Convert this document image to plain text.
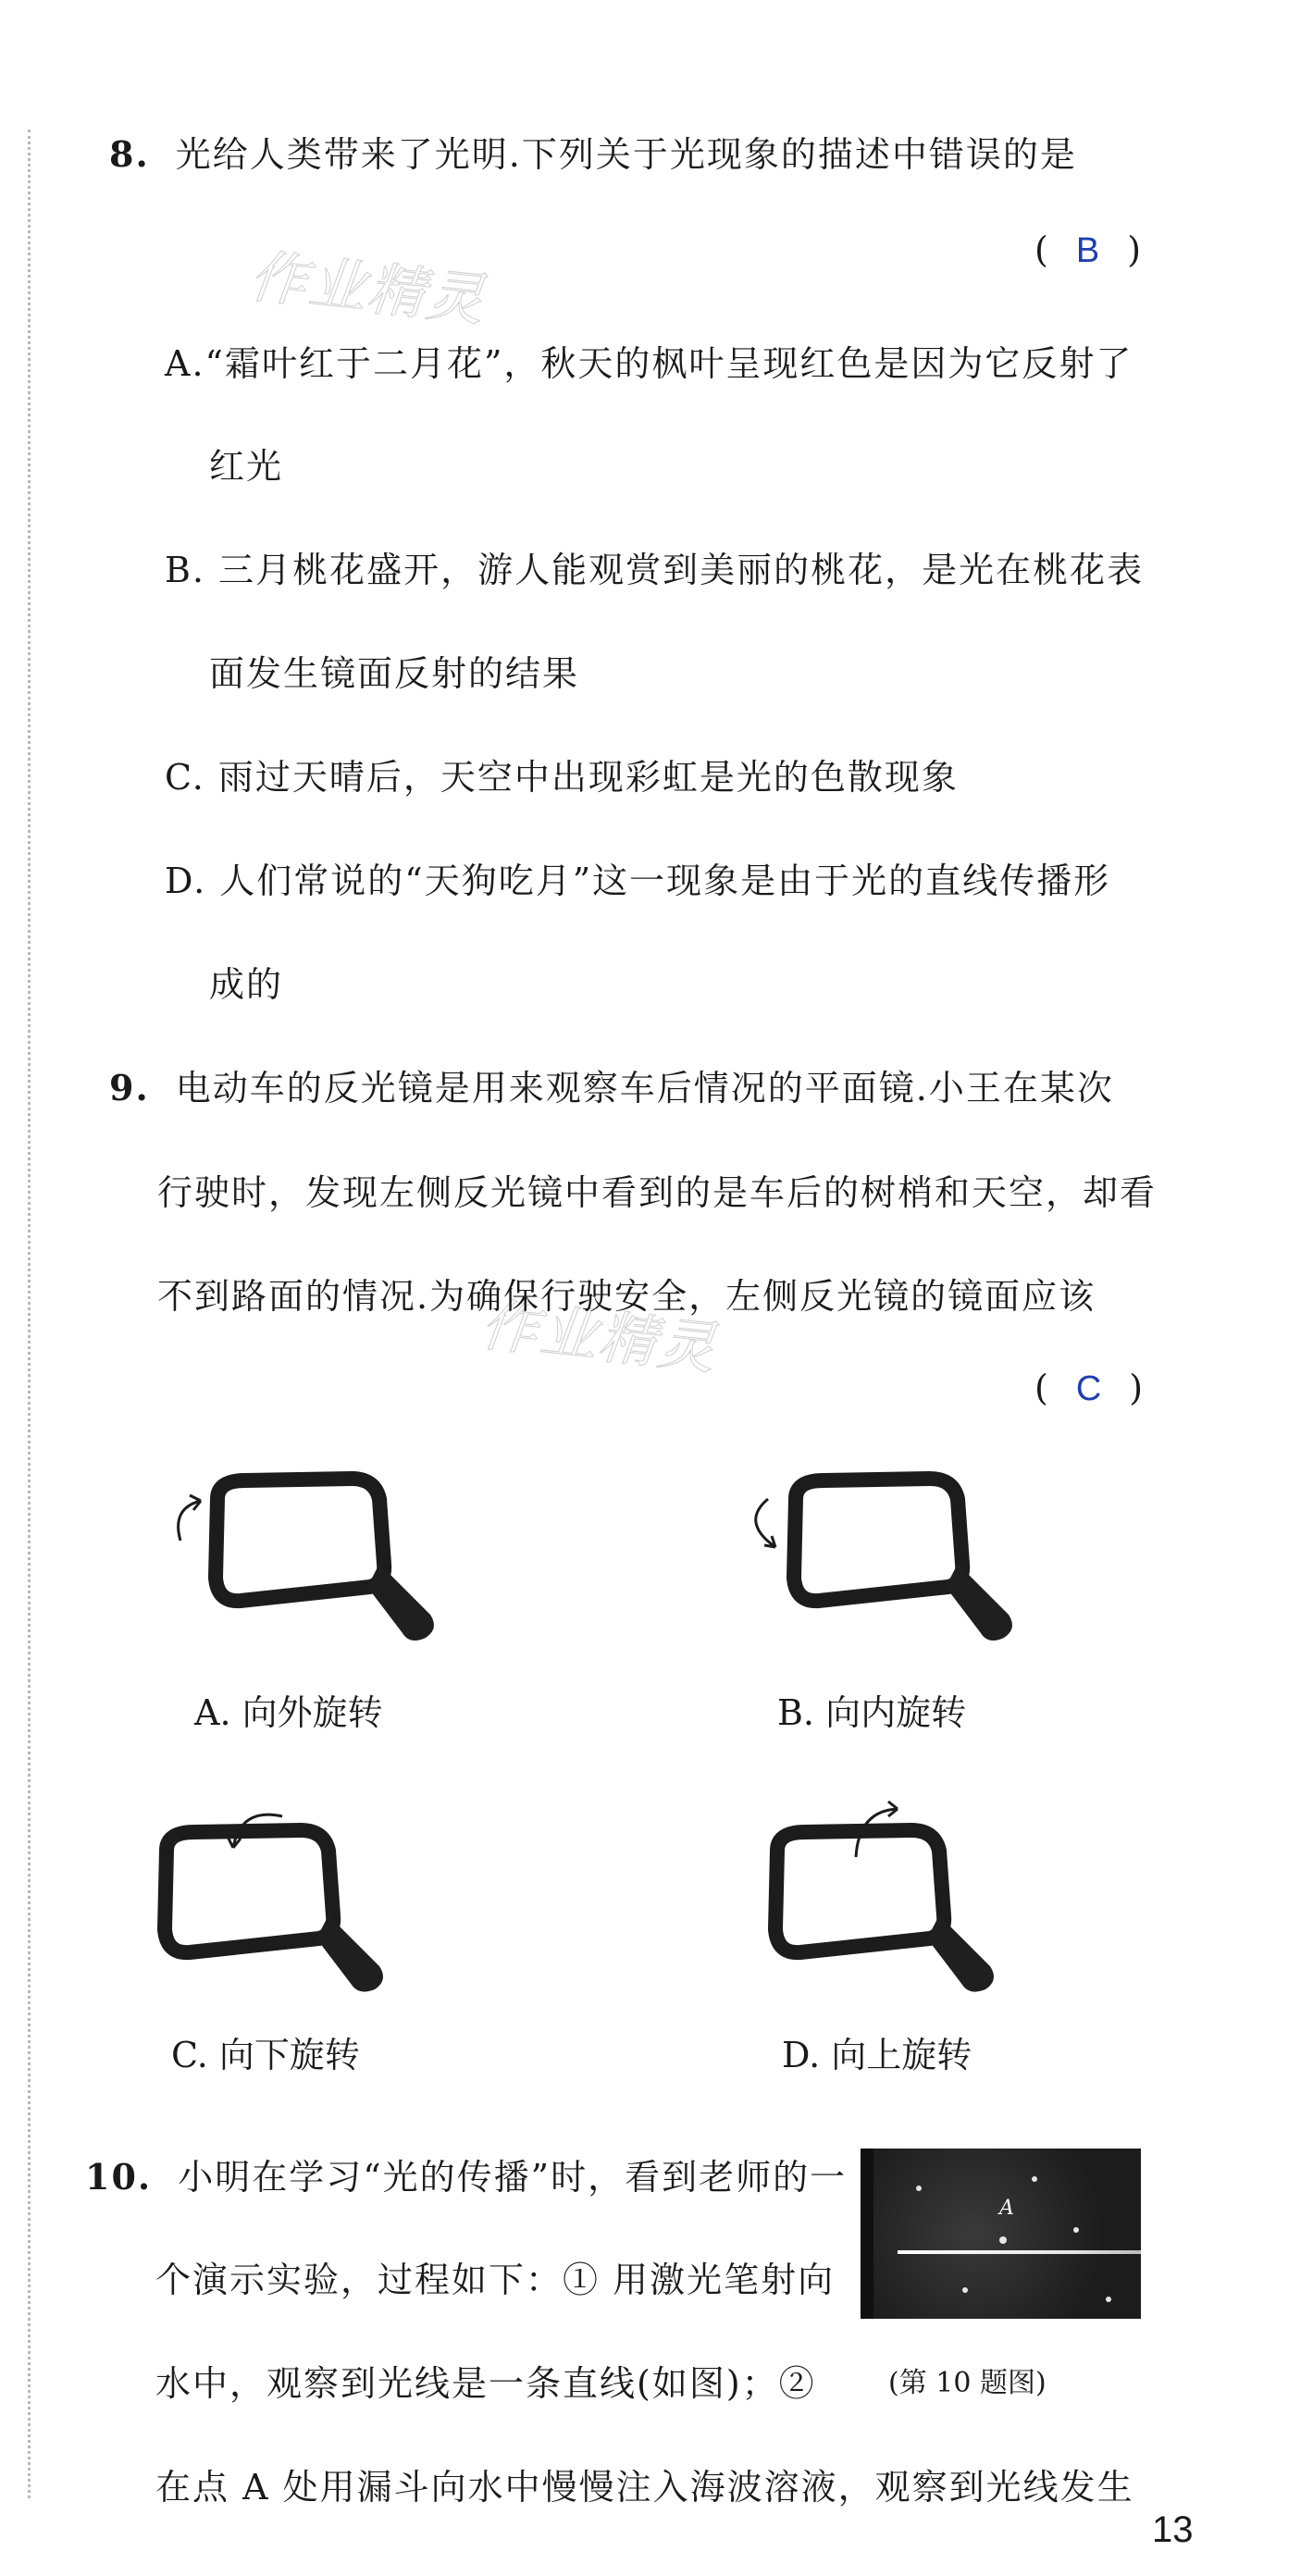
作业精灵
作业精灵
8. 光给人类带来了光明.下列关于光现象的描述中错误的是
( B )
A.“霜叶红于二月花”，秋天的枫叶呈现红色是因为它反射了
红光
B. 三月桃花盛开，游人能观赏到美丽的桃花，是光在桃花表
面发生镜面反射的结果
C. 雨过天晴后，天空中出现彩虹是光的色散现象
D. 人们常说的“天狗吃月”这一现象是由于光的直线传播形
成的
9. 电动车的反光镜是用来观察车后情况的平面镜.小王在某次
行驶时，发现左侧反光镜中看到的是车后的树梢和天空，却看
不到路面的情况.为确保行驶安全，左侧反光镜的镜面应该
( C )
A. 向外旋转	B. 向内旋转
C. 向下旋转	D. 向上旋转
10. 小明在学习“光的传播”时，看到老师的一
个演示实验，过程如下：① 用激光笔射向
水中，观察到光线是一条直线(如图)；②
在点 A 处用漏斗向水中慢慢注入海波溶液，观察到光线发生
A
(第 10 题图)
13
